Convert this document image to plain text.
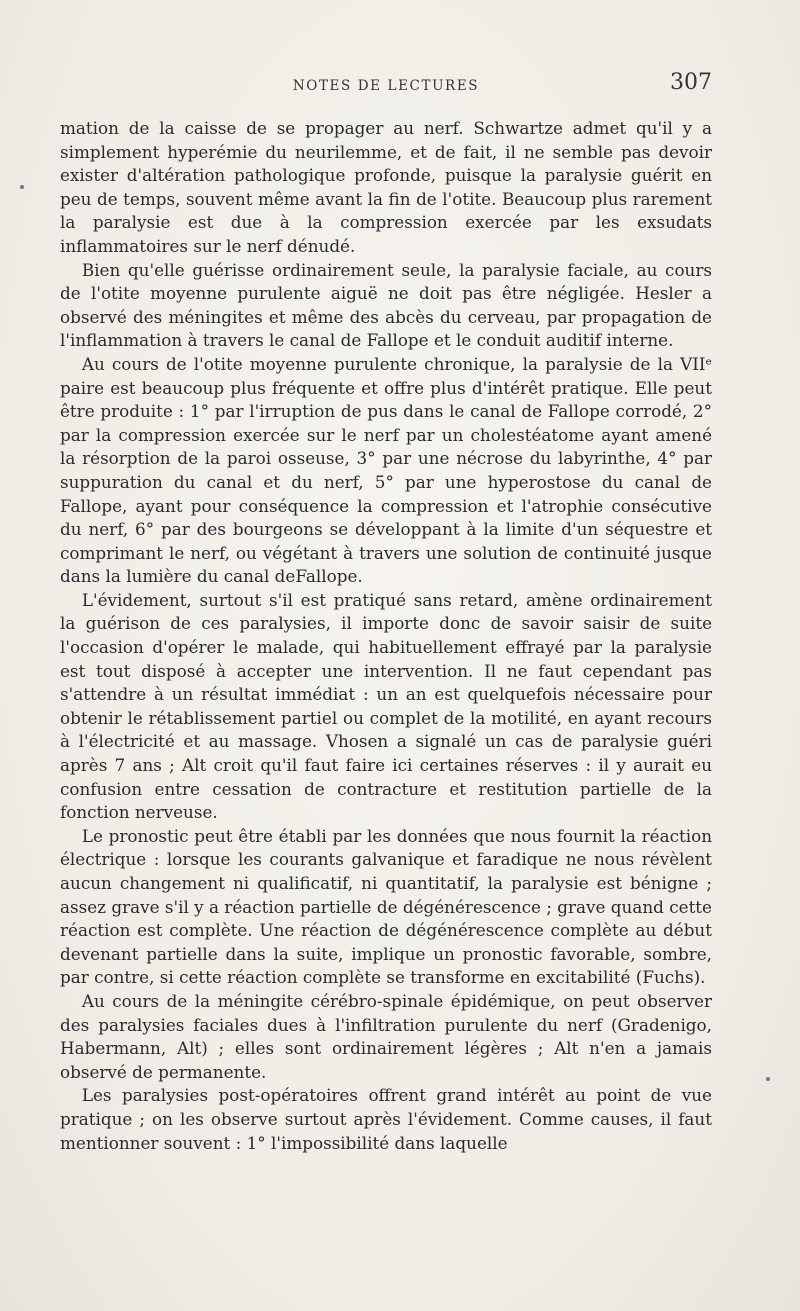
NOTES DE LECTURES	307

mation de la caisse de se propager au nerf. Schwartze admet qu'il y a simplement hyperémie du neurilemme, et de fait, il ne semble pas devoir exister d'altération pathologique profonde, puisque la paralysie guérit en peu de temps, souvent même avant la fin de l'otite. Beaucoup plus rarement la paralysie est due à la compression exercée par les exsudats inflammatoires sur le nerf dénudé.

Bien qu'elle guérisse ordinairement seule, la paralysie faciale, au cours de l'otite moyenne purulente aiguë ne doit pas être négligée. Hesler a observé des méningites et même des abcès du cerveau, par propagation de l'inflammation à travers le canal de Fallope et le conduit auditif interne.

Au cours de l'otite moyenne purulente chronique, la paralysie de la VIIᵉ paire est beaucoup plus fréquente et offre plus d'intérêt pratique. Elle peut être produite : 1° par l'irruption de pus dans le canal de Fallope corrodé, 2° par la compression exercée sur le nerf par un cholestéatome ayant amené la résorption de la paroi osseuse, 3° par une nécrose du labyrinthe, 4° par suppuration du canal et du nerf, 5° par une hyperostose du canal de Fallope, ayant pour conséquence la compression et l'atrophie consécutive du nerf, 6° par des bourgeons se développant à la limite d'un séquestre et comprimant le nerf, ou végétant à travers une solution de continuité jusque dans la lumière du canal deFallope.

L'évidement, surtout s'il est pratiqué sans retard, amène ordinairement la guérison de ces paralysies, il importe donc de savoir saisir de suite l'occasion d'opérer le malade, qui habituellement effrayé par la paralysie est tout disposé à accepter une intervention. Il ne faut cependant pas s'attendre à un résultat immédiat : un an est quelquefois nécessaire pour obtenir le rétablissement partiel ou complet de la motilité, en ayant recours à l'électricité et au massage. Vhosen a signalé un cas de paralysie guéri après 7 ans ; Alt croit qu'il faut faire ici certaines réserves : il y aurait eu confusion entre cessation de contracture et restitution partielle de la fonction nerveuse.

Le pronostic peut être établi par les données que nous fournit la réaction électrique : lorsque les courants galvanique et faradique ne nous révèlent aucun changement ni qualificatif, ni quantitatif, la paralysie est bénigne ; assez grave s'il y a réaction partielle de dégénérescence ; grave quand cette réaction est complète. Une réaction de dégénérescence complète au début devenant partielle dans la suite, implique un pronostic favorable, sombre, par contre, si cette réaction complète se transforme en excitabilité (Fuchs).

Au cours de la méningite cérébro-spinale épidémique, on peut observer des paralysies faciales dues à l'infiltration purulente du nerf (Gradenigo, Habermann, Alt) ; elles sont ordinairement légères ; Alt n'en a jamais observé de permanente.

Les paralysies post-opératoires offrent grand intérêt au point de vue pratique ; on les observe surtout après l'évidement. Comme causes, il faut mentionner souvent : 1° l'impossibilité dans laquelle
